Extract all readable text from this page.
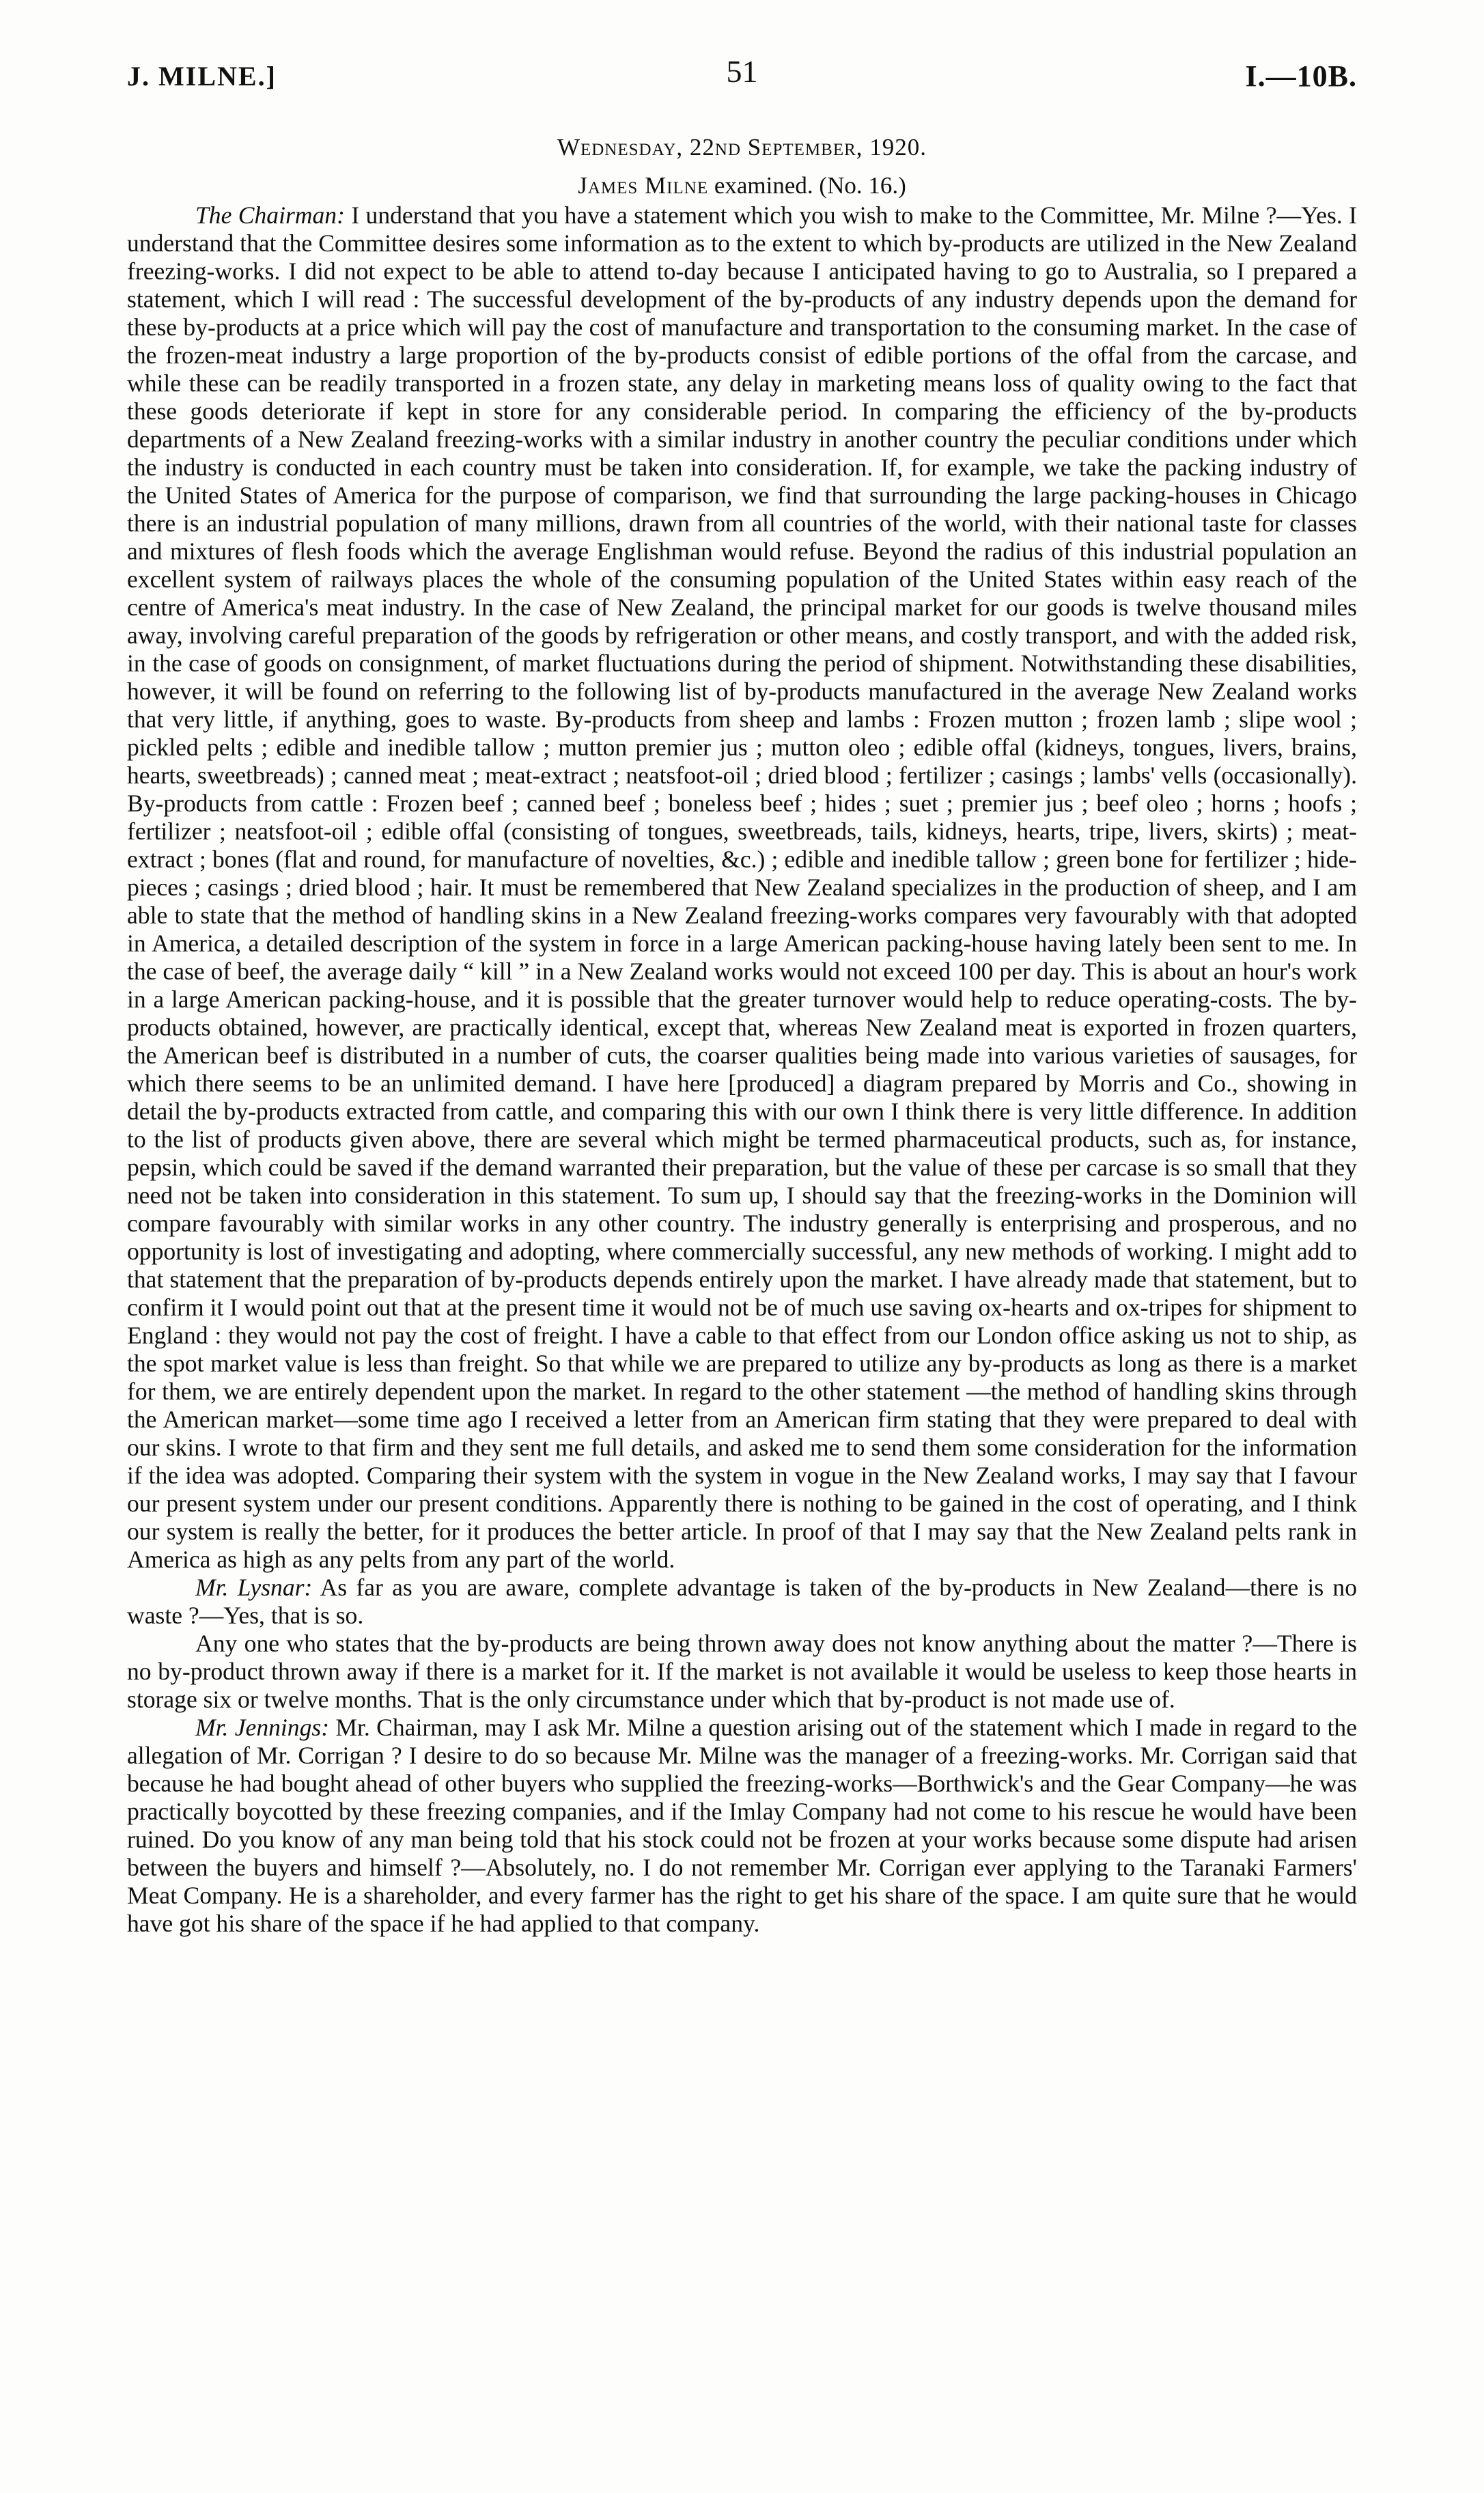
J. MILNE.]	51	I.—10B.
Wednesday, 22nd September, 1920.
James Milne examined. (No. 16.)

The Chairman: I understand that you have a statement which you wish to make to the Committee, Mr. Milne ?—Yes. I understand that the Committee desires some information as to the extent to which by-products are utilized in the New Zealand freezing-works. I did not expect to be able to attend to-day because I anticipated having to go to Australia, so I prepared a statement, which I will read : The successful development of the by-products of any industry depends upon the demand for these by-products at a price which will pay the cost of manufacture and transportation to the consuming market. In the case of the frozen-meat industry a large proportion of the by-products consist of edible portions of the offal from the carcase, and while these can be readily transported in a frozen state, any delay in marketing means loss of quality owing to the fact that these goods deteriorate if kept in store for any considerable period. In comparing the efficiency of the by-products departments of a New Zealand freezing-works with a similar industry in another country the peculiar conditions under which the industry is conducted in each country must be taken into consideration. If, for example, we take the packing industry of the United States of America for the purpose of comparison, we find that surrounding the large packing-houses in Chicago there is an industrial population of many millions, drawn from all countries of the world, with their national taste for classes and mixtures of flesh foods which the average Englishman would refuse. Beyond the radius of this industrial population an excellent system of railways places the whole of the consuming population of the United States within easy reach of the centre of America's meat industry. In the case of New Zealand, the principal market for our goods is twelve thousand miles away, involving careful preparation of the goods by refrigeration or other means, and costly transport, and with the added risk, in the case of goods on consignment, of market fluctuations during the period of shipment. Notwithstanding these disabilities, however, it will be found on referring to the following list of by-products manufactured in the average New Zealand works that very little, if anything, goes to waste. By-products from sheep and lambs : Frozen mutton ; frozen lamb ; slipe wool ; pickled pelts ; edible and inedible tallow ; mutton premier jus ; mutton oleo ; edible offal (kidneys, tongues, livers, brains, hearts, sweetbreads) ; canned meat ; meat-extract ; neatsfoot-oil ; dried blood ; fertilizer ; casings ; lambs' vells (occasionally). By-products from cattle : Frozen beef ; canned beef ; boneless beef ; hides ; suet ; premier jus ; beef oleo ; horns ; hoofs ; fertilizer ; neatsfoot-oil ; edible offal (consisting of tongues, sweetbreads, tails, kidneys, hearts, tripe, livers, skirts) ; meat-extract ; bones (flat and round, for manufacture of novelties, &c.) ; edible and inedible tallow ; green bone for fertilizer ; hide-pieces ; casings ; dried blood ; hair. It must be remembered that New Zealand specializes in the production of sheep, and I am able to state that the method of handling skins in a New Zealand freezing-works compares very favourably with that adopted in America, a detailed description of the system in force in a large American packing-house having lately been sent to me. In the case of beef, the average daily “ kill ” in a New Zealand works would not exceed 100 per day. This is about an hour's work in a large American packing-house, and it is possible that the greater turnover would help to reduce operating-costs. The by-products obtained, however, are practically identical, except that, whereas New Zealand meat is exported in frozen quarters, the American beef is distributed in a number of cuts, the coarser qualities being made into various varieties of sausages, for which there seems to be an unlimited demand. I have here [produced] a diagram prepared by Morris and Co., showing in detail the by-products extracted from cattle, and comparing this with our own I think there is very little difference. In addition to the list of products given above, there are several which might be termed pharmaceutical products, such as, for instance, pepsin, which could be saved if the demand warranted their preparation, but the value of these per carcase is so small that they need not be taken into consideration in this statement. To sum up, I should say that the freezing-works in the Dominion will compare favourably with similar works in any other country. The industry generally is enterprising and prosperous, and no opportunity is lost of investigating and adopting, where commercially successful, any new methods of working. I might add to that statement that the preparation of by-products depends entirely upon the market. I have already made that statement, but to confirm it I would point out that at the present time it would not be of much use saving ox-hearts and ox-tripes for shipment to England : they would not pay the cost of freight. I have a cable to that effect from our London office asking us not to ship, as the spot market value is less than freight. So that while we are prepared to utilize any by-products as long as there is a market for them, we are entirely dependent upon the market. In regard to the other statement —the method of handling skins through the American market—some time ago I received a letter from an American firm stating that they were prepared to deal with our skins. I wrote to that firm and they sent me full details, and asked me to send them some consideration for the information if the idea was adopted. Comparing their system with the system in vogue in the New Zealand works, I may say that I favour our present system under our present conditions. Apparently there is nothing to be gained in the cost of operating, and I think our system is really the better, for it produces the better article. In proof of that I may say that the New Zealand pelts rank in America as high as any pelts from any part of the world.

Mr. Lysnar: As far as you are aware, complete advantage is taken of the by-products in New Zealand—there is no waste ?—Yes, that is so.

Any one who states that the by-products are being thrown away does not know anything about the matter ?—There is no by-product thrown away if there is a market for it. If the market is not available it would be useless to keep those hearts in storage six or twelve months. That is the only circumstance under which that by-product is not made use of.

Mr. Jennings: Mr. Chairman, may I ask Mr. Milne a question arising out of the statement which I made in regard to the allegation of Mr. Corrigan ? I desire to do so because Mr. Milne was the manager of a freezing-works. Mr. Corrigan said that because he had bought ahead of other buyers who supplied the freezing-works—Borthwick's and the Gear Company—he was practically boycotted by these freezing companies, and if the Imlay Company had not come to his rescue he would have been ruined. Do you know of any man being told that his stock could not be frozen at your works because some dispute had arisen between the buyers and himself ?—Absolutely, no. I do not remember Mr. Corrigan ever applying to the Taranaki Farmers' Meat Company. He is a shareholder, and every farmer has the right to get his share of the space. I am quite sure that he would have got his share of the space if he had applied to that company.
